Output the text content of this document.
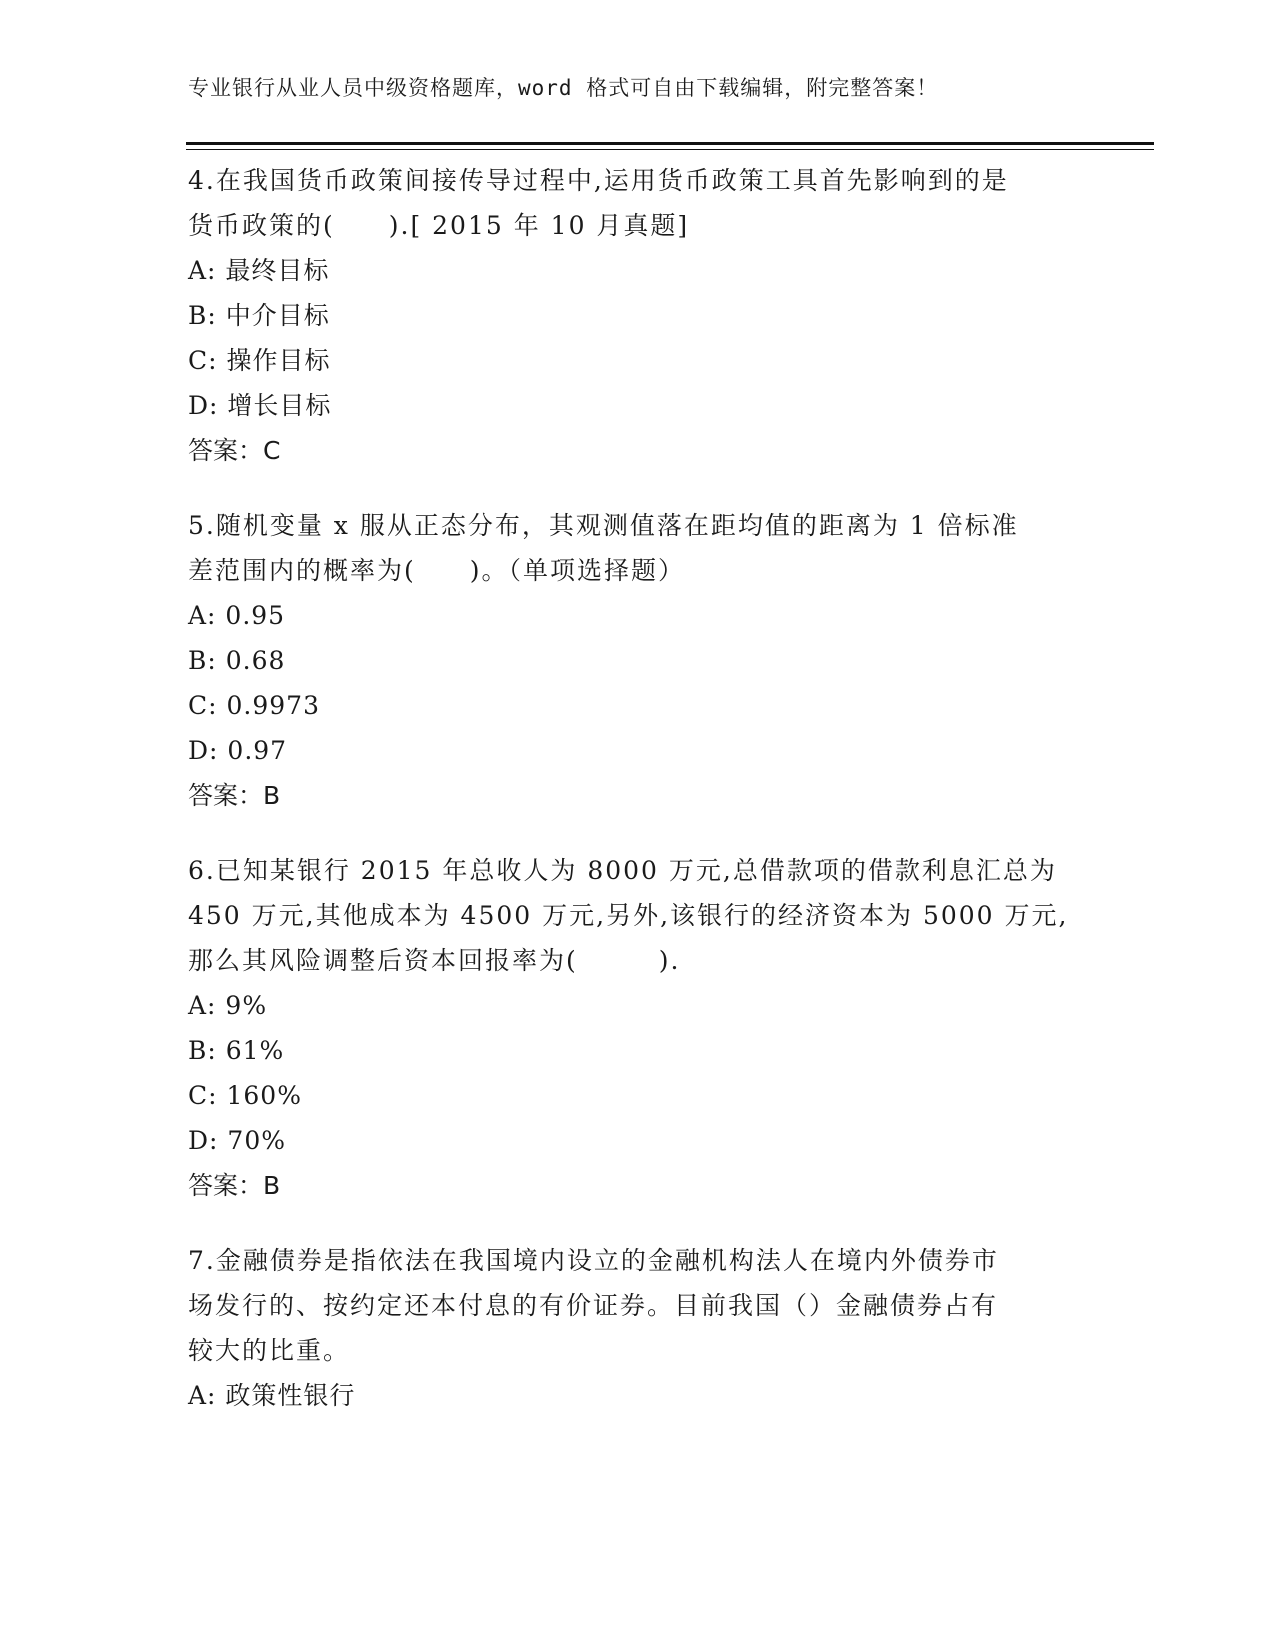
专业银行从业人员中级资格题库，word 格式可自由下载编辑，附完整答案！
4.在我国货币政策间接传导过程中,运用货币政策工具首先影响到的是
货币政策的(　　).[ 2015 年 10 月真题]
A: 最终目标
B: 中介目标
C: 操作目标
D: 增长目标
答案：C
5.随机变量 x 服从正态分布，其观测值落在距均值的距离为 1 倍标准
差范围内的概率为(　　)。（单项选择题）
A: 0.95
B: 0.68
C: 0.9973
D: 0.97
答案：B
6.已知某银行 2015 年总收人为 8000 万元,总借款项的借款利息汇总为
450 万元,其他成本为 4500 万元,另外,该银行的经济资本为 5000 万元,
那么其风险调整后资本回报率为(　　　).
A: 9%
B: 61%
C: 160%
D: 70%
答案：B
7.金融债券是指依法在我国境内设立的金融机构法人在境内外债券市
场发行的、按约定还本付息的有价证券。目前我国（）金融债券占有
较大的比重。
A: 政策性银行
